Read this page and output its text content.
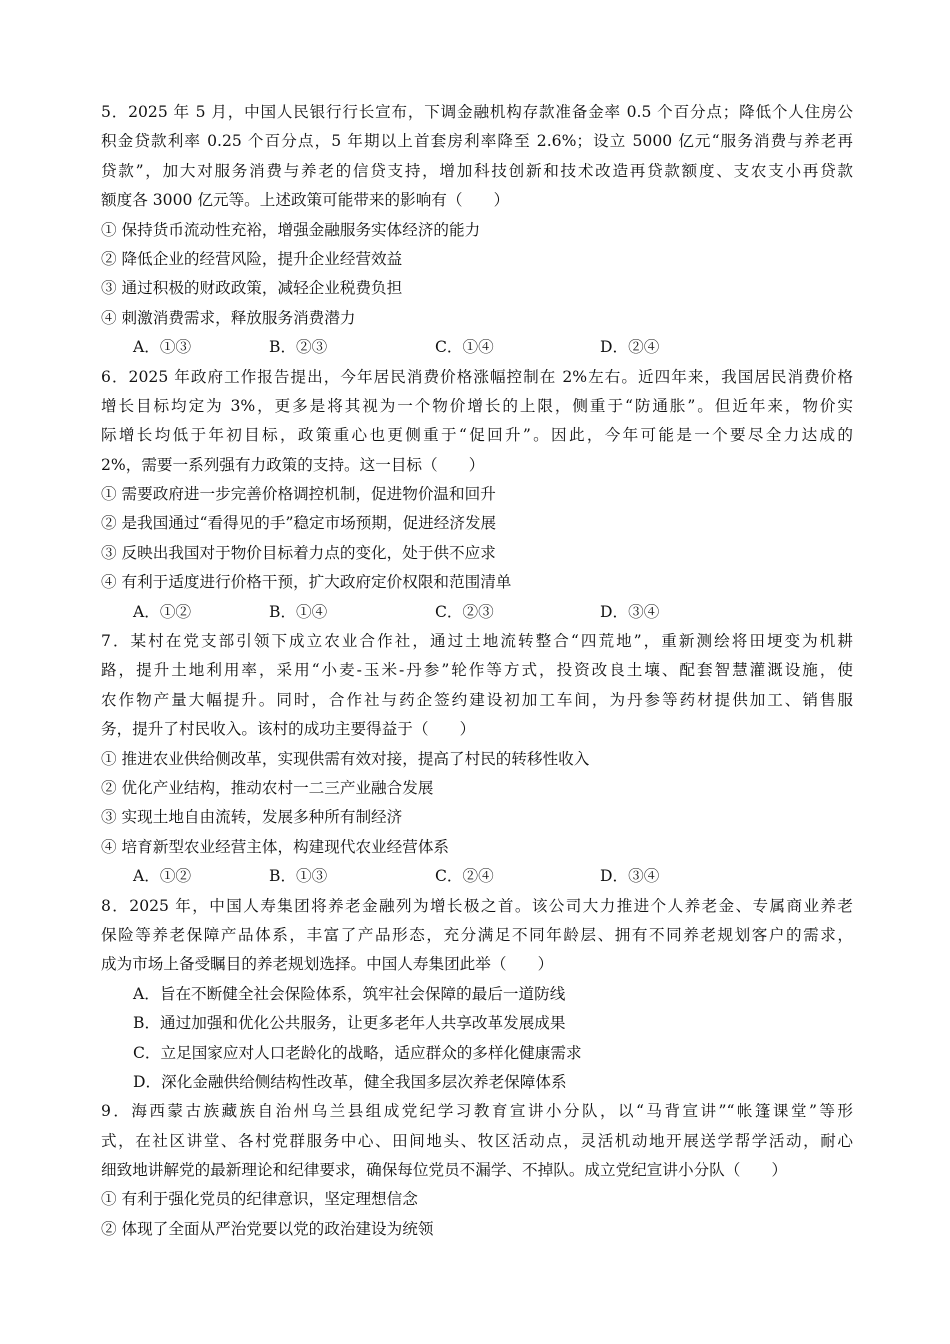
5．2025 年 5 月，中国人民银行行长宣布，下调金融机构存款准备金率 0.5 个百分点；降低个人住房公
积金贷款利率 0.25 个百分点，5 年期以上首套房利率降至 2.6%；设立 5000 亿元“服务消费与养老再
贷款”，加大对服务消费与养老的信贷支持，增加科技创新和技术改造再贷款额度、支农支小再贷款
额度各 3000 亿元等。上述政策可能带来的影响有（　　）
① 保持货币流动性充裕，增强金融服务实体经济的能力
② 降低企业的经营风险，提升企业经营效益
③ 通过积极的财政政策，减轻企业税费负担
④ 刺激消费需求，释放服务消费潜力
A．①③	B．②③	C．①④	D．②④
6．2025 年政府工作报告提出，今年居民消费价格涨幅控制在 2%左右。近四年来，我国居民消费价格
增长目标均定为 3%，更多是将其视为一个物价增长的上限，侧重于“防通胀”。但近年来，物价实
际增长均低于年初目标，政策重心也更侧重于“促回升”。因此，今年可能是一个要尽全力达成的
2%，需要一系列强有力政策的支持。这一目标（　　）
① 需要政府进一步完善价格调控机制，促进物价温和回升
② 是我国通过“看得见的手”稳定市场预期，促进经济发展
③ 反映出我国对于物价目标着力点的变化，处于供不应求
④ 有利于适度进行价格干预，扩大政府定价权限和范围清单
A．①②	B．①④	C．②③	D．③④
7．某村在党支部引领下成立农业合作社，通过土地流转整合“四荒地”，重新测绘将田埂变为机耕
路，提升土地利用率，采用“小麦-玉米-丹参”轮作等方式，投资改良土壤、配套智慧灌溉设施，使
农作物产量大幅提升。同时，合作社与药企签约建设初加工车间，为丹参等药材提供加工、销售服
务，提升了村民收入。该村的成功主要得益于（　　）
① 推进农业供给侧改革，实现供需有效对接，提高了村民的转移性收入
② 优化产业结构，推动农村一二三产业融合发展
③ 实现土地自由流转，发展多种所有制经济
④ 培育新型农业经营主体，构建现代农业经营体系
A．①②	B．①③	C．②④	D．③④
8．2025 年，中国人寿集团将养老金融列为增长极之首。该公司大力推进个人养老金、专属商业养老
保险等养老保障产品体系，丰富了产品形态，充分满足不同年龄层、拥有不同养老规划客户的需求，
成为市场上备受瞩目的养老规划选择。中国人寿集团此举（　　）
A．旨在不断健全社会保险体系，筑牢社会保障的最后一道防线
B．通过加强和优化公共服务，让更多老年人共享改革发展成果
C．立足国家应对人口老龄化的战略，适应群众的多样化健康需求
D．深化金融供给侧结构性改革，健全我国多层次养老保障体系
9．海西蒙古族藏族自治州乌兰县组成党纪学习教育宣讲小分队，以“马背宣讲”“帐篷课堂”等形
式，在社区讲堂、各村党群服务中心、田间地头、牧区活动点，灵活机动地开展送学帮学活动，耐心
细致地讲解党的最新理论和纪律要求，确保每位党员不漏学、不掉队。成立党纪宣讲小分队（　　）
① 有利于强化党员的纪律意识，坚定理想信念
② 体现了全面从严治党要以党的政治建设为统领
